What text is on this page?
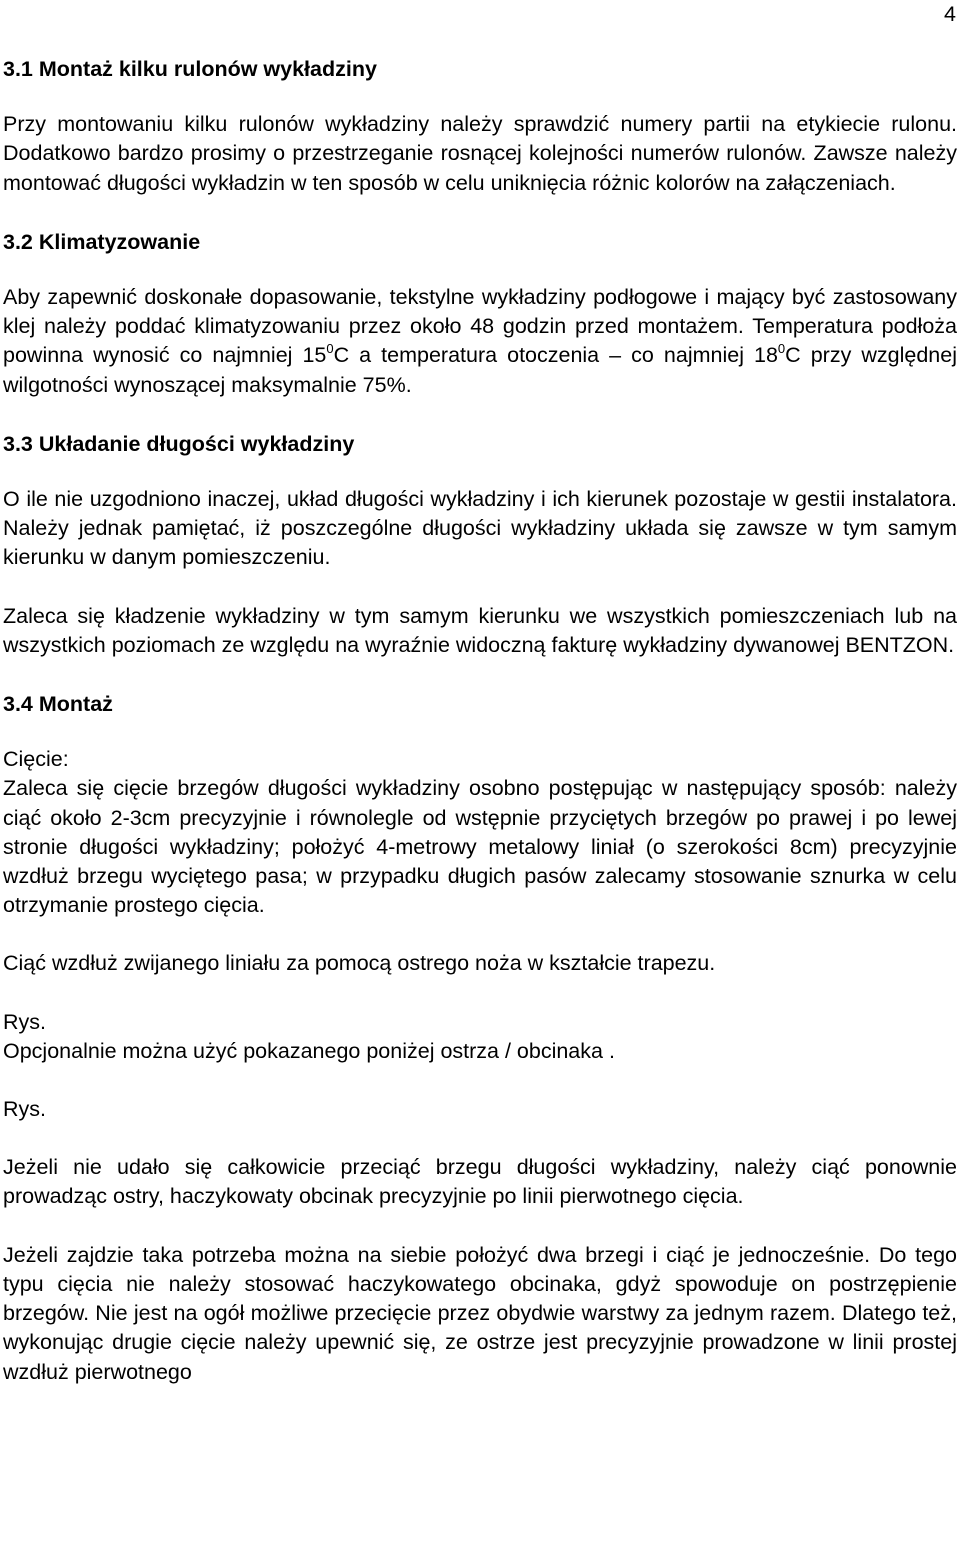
4
3.1 Montaż kilku rulonów wykładziny

Przy montowaniu kilku rulonów wykładziny należy sprawdzić numery partii na etykiecie rulonu. Dodatkowo bardzo prosimy o przestrzeganie rosnącej kolejności numerów rulonów. Zawsze należy montować długości wykładzin w ten sposób w celu uniknięcia różnic kolorów na załączeniach.

3.2 Klimatyzowanie

Aby zapewnić doskonałe dopasowanie, tekstylne wykładziny podłogowe i mający być zastosowany klej należy poddać klimatyzowaniu przez około 48 godzin przed montażem. Temperatura podłoża powinna wynosić co najmniej $15^0C$ a temperatura otoczenia – co najmniej $18^0C$ przy względnej wilgotności wynoszącej maksymalnie 75%.

3.3 Układanie długości wykładziny

O ile nie uzgodniono inaczej, układ długości wykładziny i ich kierunek pozostaje w gestii instalatora. Należy jednak pamiętać, iż poszczególne długości wykładziny układa się zawsze w tym samym kierunku w danym pomieszczeniu.

Zaleca się kładzenie wykładziny w tym samym kierunku we wszystkich pomieszczeniach lub na wszystkich poziomach ze względu na wyraźnie widoczną fakturę wykładziny dywanowej BENTZON.

3.4 Montaż

Cięcie:

Zaleca się cięcie brzegów długości wykładziny osobno postępując w następujący sposób: należy ciąć około 2-3cm precyzyjnie i równolegle od wstępnie przyciętych brzegów po prawej i po lewej stronie długości wykładziny; położyć 4-metrowy metalowy liniał (o szerokości 8cm) precyzyjnie wzdłuż brzegu wyciętego pasa; w przypadku długich pasów zalecamy stosowanie sznurka w celu otrzymanie prostego cięcia.

Ciąć wzdłuż zwijanego liniału za pomocą ostrego noża w kształcie trapezu.

Rys.

Opcjonalnie można użyć pokazanego poniżej ostrza / obcinaka .

Rys.

Jeżeli nie udało się całkowicie przeciąć brzegu długości wykładziny, należy ciąć ponownie prowadząc ostry, haczykowaty obcinak precyzyjnie po linii pierwotnego cięcia.

Jeżeli zajdzie taka potrzeba można na siebie położyć dwa brzegi i ciąć je jednocześnie. Do tego typu cięcia nie należy stosować haczykowatego obcinaka, gdyż spowoduje on postrzępienie brzegów. Nie jest na ogół możliwe przecięcie przez obydwie warstwy za jednym razem. Dlatego też, wykonując drugie cięcie należy upewnić się, ze ostrze jest precyzyjnie prowadzone w linii prostej wzdłuż pierwotnego
